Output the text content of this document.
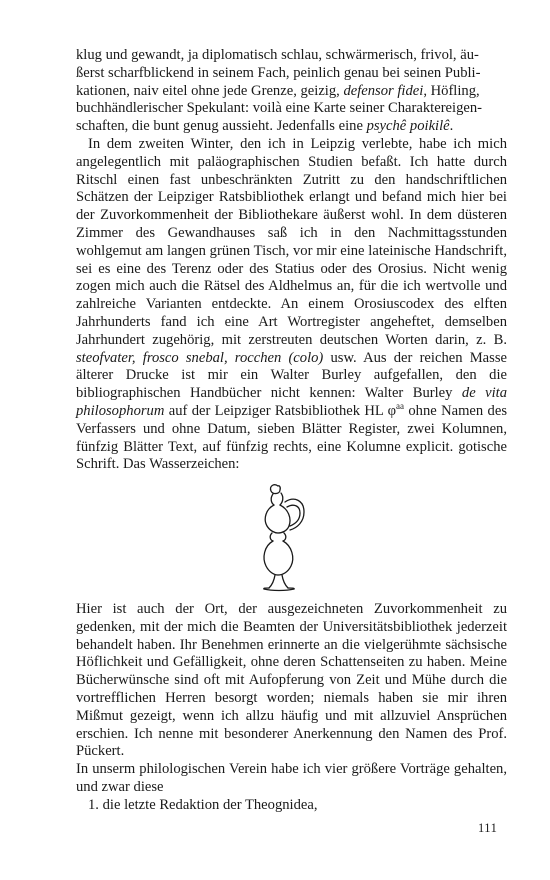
klug und gewandt, ja diplomatisch schlau, schwärmerisch, frivol, äu-
ßerst scharfblickend in seinem Fach, peinlich genau bei seinen Publi-
kationen, naiv eitel ohne jede Grenze, geizig, defensor fidei, Höfling,
buchhändlerischer Spekulant: voilà eine Karte seiner Charaktereigen-
schaften, die bunt genug aussieht. Jedenfalls eine psychê poikilê.

In dem zweiten Winter, den ich in Leipzig verlebte, habe ich mich angelegentlich mit paläographischen Studien befaßt. Ich hatte durch Ritschl einen fast unbeschränkten Zutritt zu den handschriftlichen Schätzen der Leipziger Ratsbibliothek erlangt und befand mich hier bei der Zuvorkommenheit der Bibliothekare äußerst wohl. In dem düsteren Zimmer des Gewandhauses saß ich in den Nachmittagsstunden wohlgemut am langen grünen Tisch, vor mir eine lateinische Handschrift, sei es eine des Terenz oder des Statius oder des Orosius. Nicht wenig zogen mich auch die Rätsel des Aldhelmus an, für die ich wertvolle und zahlreiche Varianten entdeckte. An einem Orosiuscodex des elften Jahrhunderts fand ich eine Art Wortregister angeheftet, demselben Jahrhundert zugehörig, mit zerstreuten deutschen Worten darin, z. B. steofvater, frosco snebal, rocchen (colo) usw. Aus der reichen Masse älterer Drucke ist mir ein Walter Burley aufgefallen, den die bibliographischen Handbücher nicht kennen: Walter Burley de vita philosophorum auf der Leipziger Ratsbibliothek HL $\varphi^{aa}$ ohne Namen des Verfassers und ohne Datum, sieben Blätter Register, zwei Kolumnen, fünfzig Blätter Text, auf fünfzig rechts, eine Kolumne explicit. gotische Schrift. Das Wasserzeichen:

Hier ist auch der Ort, der ausgezeichneten Zuvorkommenheit zu gedenken, mit der mich die Beamten der Universitätsbibliothek jederzeit behandelt haben. Ihr Benehmen erinnerte an die vielgerühmte sächsische Höflichkeit und Gefälligkeit, ohne deren Schattenseiten zu haben. Meine Bücherwünsche sind oft mit Aufopferung von Zeit und Mühe durch die vortrefflichen Herren besorgt worden; niemals haben sie mir ihren Mißmut gezeigt, wenn ich allzu häufig und mit allzuviel Ansprüchen erschien. Ich nenne mit besonderer Anerkennung den Namen des Prof. Pückert.

In unserm philologischen Verein habe ich vier größere Vorträge gehalten, und zwar diese

1. die letzte Redaktion der Theognidea,

111
